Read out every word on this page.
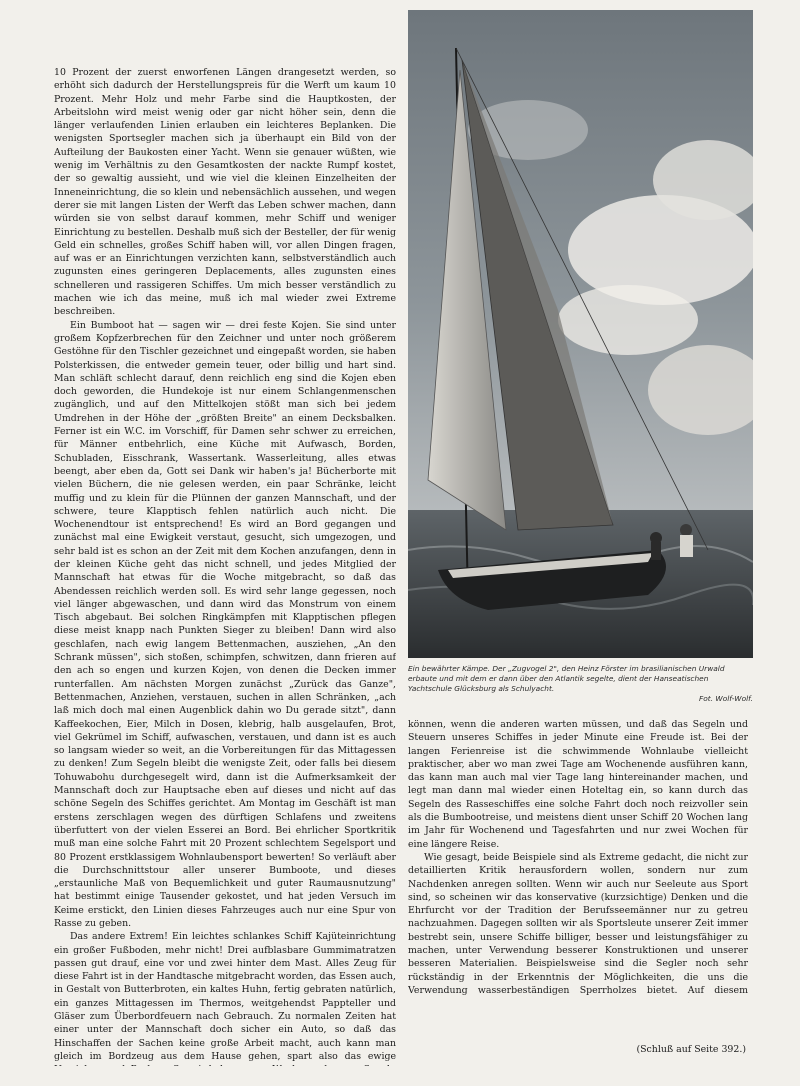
10 Prozent der zuerst enworfenen Längen drangesetzt werden, so erhöht sich dadurch der Herstellungspreis für die Werft um kaum 10 Prozent. Mehr Holz und mehr Farbe sind die Hauptkosten, der Arbeitslohn wird meist wenig oder gar nicht höher sein, denn die länger verlaufenden Linien erlauben ein leichteres Beplanken. Die wenigsten Sportsegler machen sich ja überhaupt ein Bild von der Aufteilung der Baukosten einer Yacht. Wenn sie genauer wüßten, wie wenig im Verhältnis zu den Gesamtkosten der nackte Rumpf kostet, der so gewaltig aussieht, und wie viel die kleinen Einzelheiten der Inneneinrichtung, die so klein und nebensächlich aussehen, und wegen derer sie mit langen Listen der Werft das Leben schwer machen, dann würden sie von selbst darauf kommen, mehr Schiff und weniger Einrichtung zu bestellen. Deshalb muß sich der Besteller, der für wenig Geld ein schnelles, großes Schiff haben will, vor allen Dingen fragen, auf was er an Einrichtungen verzichten kann, selbstverständlich auch zugunsten eines geringeren Deplacements, alles zugunsten eines schnelleren und rassigeren Schiffes. Um mich besser verständlich zu machen wie ich das meine, muß ich mal wieder zwei Extreme beschreiben.

Ein Bumboot hat — sagen wir — drei feste Kojen. Sie sind unter großem Kopfzerbrechen für den Zeichner und unter noch größerem Gestöhne für den Tischler gezeichnet und eingepaßt worden, sie haben Polsterkissen, die entweder gemein teuer, oder billig und hart sind. Man schläft schlecht darauf, denn reichlich eng sind die Kojen eben doch geworden, die Hundekoje ist nur einem Schlangenmenschen zugänglich, und auf den Mittelkojen stößt man sich bei jedem Umdrehen in der Höhe der „größten Breite" an einem Decksbalken. Ferner ist ein W.C. im Vorschiff, für Damen sehr schwer zu erreichen, für Männer entbehrlich, eine Küche mit Aufwasch, Borden, Schubladen, Eisschrank, Wassertank. Wasserleitung, alles etwas beengt, aber eben da, Gott sei Dank wir haben's ja! Bücherborte mit vielen Büchern, die nie gelesen werden, ein paar Schränke, leicht muffig und zu klein für die Plünnen der ganzen Mannschaft, und der schwere, teure Klapptisch fehlen natürlich auch nicht. Die Wochenendtour ist entsprechend! Es wird an Bord gegangen und zunächst mal eine Ewigkeit verstaut, gesucht, sich umgezogen, und sehr bald ist es schon an der Zeit mit dem Kochen anzufangen, denn in der kleinen Küche geht das nicht schnell, und jedes Mitglied der Mannschaft hat etwas für die Woche mitgebracht, so daß das Abendessen reichlich werden soll. Es wird sehr lange gegessen, noch viel länger abgewaschen, und dann wird das Monstrum von einem Tisch abgebaut. Bei solchen Ringkämpfen mit Klapptischen pflegen diese meist knapp nach Punkten Sieger zu bleiben! Dann wird also geschlafen, nach ewig langem Bettenmachen, ausziehen, „An den Schrank müssen", sich stoßen, schimpfen, schwitzen, dann frieren auf den ach so engen und kurzen Kojen, von denen die Decken immer runterfallen. Am nächsten Morgen zunächst „Zurück das Ganze", Bettenmachen, Anziehen, verstauen, suchen in allen Schränken, „ach laß mich doch mal einen Augenblick dahin wo Du gerade sitzt", dann Kaffeekochen, Eier, Milch in Dosen, klebrig, halb ausgelaufen, Brot, viel Gekrümel im Schiff, aufwaschen, verstauen, und dann ist es auch so langsam wieder so weit, an die Vorbereitungen für das Mittagessen zu denken! Zum Segeln bleibt die wenigste Zeit, oder falls bei diesem Tohuwabohu durchgesegelt wird, dann ist die Aufmerksamkeit der Mannschaft doch zur Hauptsache eben auf dieses und nicht auf das schöne Segeln des Schiffes gerichtet. Am Montag im Geschäft ist man erstens zerschlagen wegen des dürftigen Schlafens und zweitens überfuttert von der vielen Esserei an Bord. Bei ehrlicher Sportkritik muß man eine solche Fahrt mit 20 Prozent schlechtem Segelsport und 80 Prozent erstklassigem Wohnlaubensport bewerten! So verläuft aber die Durchschnittstour aller unserer Bumboote, und dieses „erstaunliche Maß von Bequemlichkeit und guter Raumausnutzung" hat bestimmt einige Tausender gekostet, und hat jeden Versuch im Keime erstickt, den Linien dieses Fahrzeuges auch nur eine Spur von Rasse zu geben.

Das andere Extrem! Ein leichtes schlankes Schiff Kajüteinrichtung ein großer Fußboden, mehr nicht! Drei aufblasbare Gummimatratzen passen gut drauf, eine vor und zwei hinter dem Mast. Alles Zeug für diese Fahrt ist in der Handtasche mitgebracht worden, das Essen auch, in Gestalt von Butterbroten, ein kaltes Huhn, fertig gebraten natürlich, ein ganzes Mittagessen im Thermos, weitgehendst Pappteller und Gläser zum Überbordfeuern nach Gebrauch. Zu normalen Zeiten hat einer unter der Mannschaft doch sicher ein Auto, so daß das Hinschaffen der Sachen keine große Arbeit macht, auch kann man gleich im Bordzeug aus dem Hause gehen, spart also das ewige

Ein bewährter Kämpe. Der „Zugvogel 2", den Heinz Förster im brasilianischen Urwald erbaute und mit dem er dann über den Atlantik segelte, dient der Hanseatischen Yachtschule Glücksburg als Schulyacht.
Fot. Wolf-Wolf.

können, wenn die anderen warten müssen, und daß das Segeln und Steuern unseres Schiffes in jeder Minute eine Freude ist. Bei der langen Ferienreise ist die schwimmende Wohnlaube vielleicht praktischer, aber wo man zwei Tage am Wochenende ausführen kann, das kann man auch mal vier Tage lang hintereinander machen, und legt man dann mal wieder einen Hoteltag ein, so kann durch das Segeln des Rasseschiffes eine solche Fahrt doch noch reizvoller sein als die Bumbootreise, und meistens dient unser Schiff 20 Wochen lang im Jahr für Wochenend und Tagesfahrten und nur zwei Wochen für eine längere Reise.

Wie gesagt, beide Beispiele sind als Extreme gedacht, die nicht zur detaillierten Kritik herausfordern wollen, sondern nur zum Nachdenken anregen sollten. Wenn wir auch nur Seeleute aus Sport sind, so scheinen wir das konservative (kurzsichtige) Denken und die Ehrfurcht vor der Tradition der Berufsseemänner nur zu getreu nachzuahmen. Dagegen sollten wir als Sportsleute unserer Zeit immer bestrebt sein, unsere Schiffe billiger, besser und leistungsfähiger zu machen, unter Verwendung besserer Konstruktionen und unserer besseren Materialien. Beispielsweise sind die Segler noch sehr rückständig in der Erkenntnis der Möglichkeiten, die uns die Verwendung wasserbeständigen Sperrholzes bietet. Auf diesem

(Schluß auf Seite 392.)
